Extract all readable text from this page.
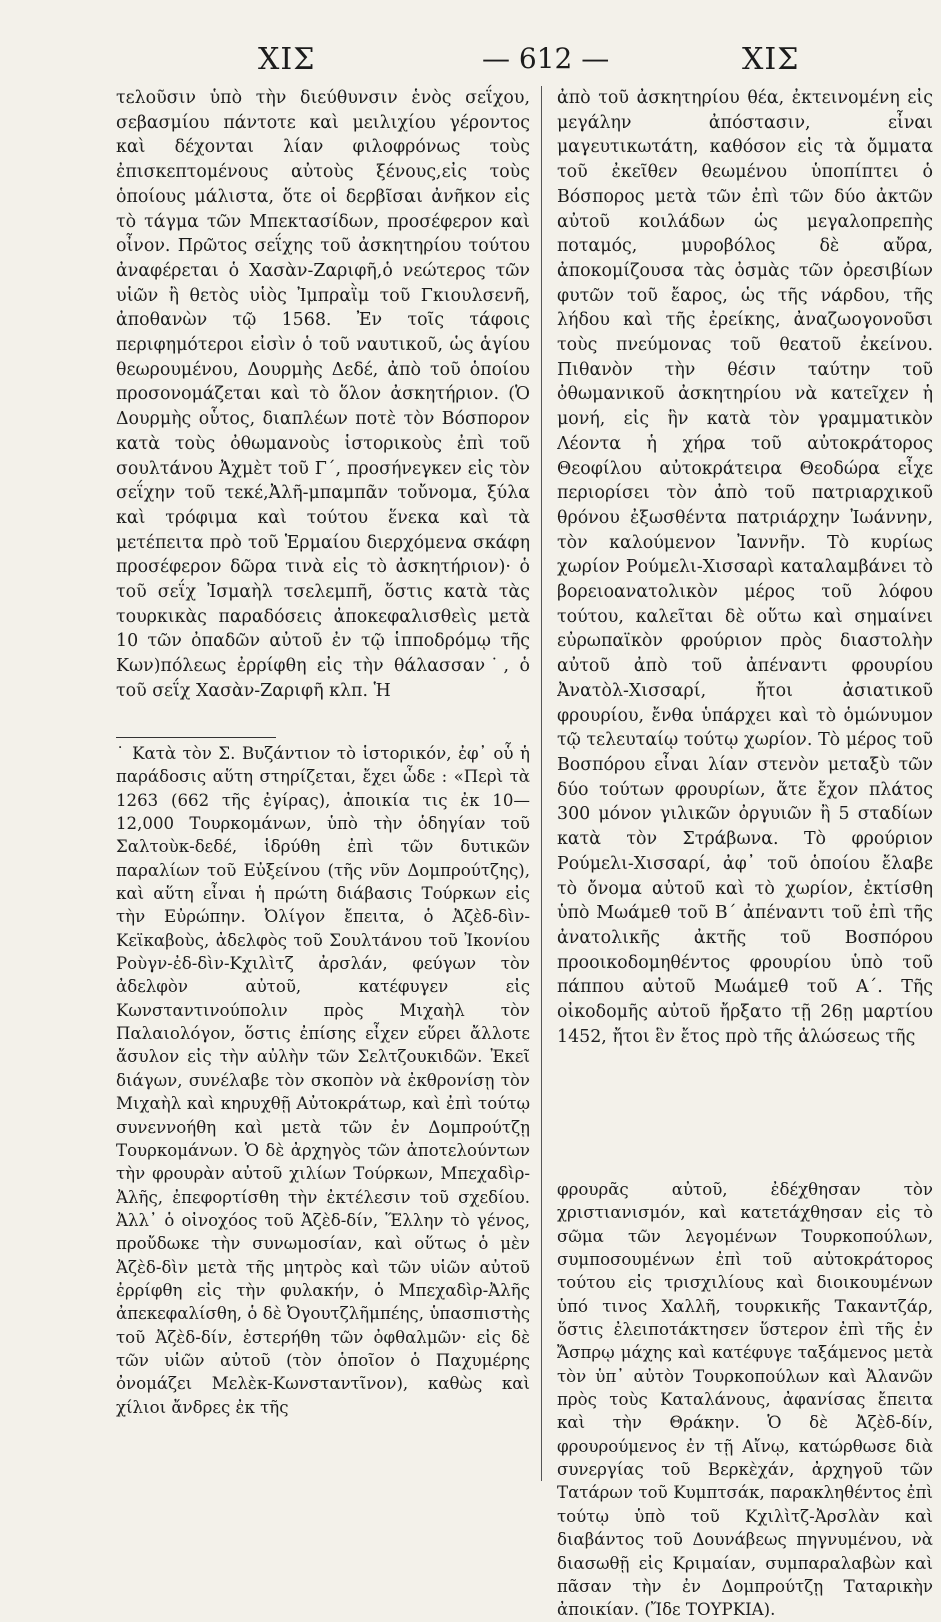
ΧΙΣ	— 612 —	ΧΙΣ

τελοῦσιν ὑπὸ τὴν διεύθυνσιν ἑνὸς σεΐχου, σεβασμίου πάντοτε καὶ μειλιχίου γέροντος καὶ δέχονται λίαν φιλοφρόνως τοὺς ἐπισκεπτομένους αὐτοὺς ξένους,εἰς τοὺς ὁποίους μάλιστα, ὅτε οἱ δερβῖσαι ἀνῆκον εἰς τὸ τάγμα τῶν Μπεκτασίδων, προσέφερον καὶ οἶνον. Πρῶτος σεΐχης τοῦ ἀσκητηρίου τούτου ἀναφέρεται ὁ Χασὰν-Ζαριφῆ,ὁ νεώτερος τῶν υἱῶν ἢ θετὸς υἱὸς Ἰμπραῒμ τοῦ Γκιουλσενῆ, ἀποθανὼν τῷ 1568. Ἐν τοῖς τάφοις περιφημότεροι εἰσὶν ὁ τοῦ ναυτικοῦ, ὡς ἁγίου θεωρουμένου, Δουρμὴς Δεδέ, ἀπὸ τοῦ ὁποίου προσονομάζεται καὶ τὸ ὅλον ἀσκητήριον. (Ὁ Δουρμὴς οὗτος, διαπλέων ποτὲ τὸν Βόσπορον κατὰ τοὺς ὀθωμανοὺς ἱστορικοὺς ἐπὶ τοῦ σουλτάνου Ἀχμὲτ τοῦ Γ΄, προσήνεγκεν εἰς τὸν σεΐχην τοῦ τεκέ,Ἀλῆ-μπαμπᾶν τοὔνομα, ξύλα καὶ τρόφιμα καὶ τούτου ἕνεκα καὶ τὰ μετέπειτα πρὸ τοῦ Ἑρμαίου διερχόμενα σκάφη προσέφερον δῶρα τινὰ εἰς τὸ ἀσκητήριον)· ὁ τοῦ σεΐχ Ἰσμαὴλ τσελεμπῆ, ὅστις κατὰ τὰς τουρκικὰς παραδόσεις ἀποκεφαλισθεὶς μετὰ 10 τῶν ὀπαδῶν αὐτοῦ ἐν τῷ ἱπποδρόμῳ τῆς Κων)πόλεως ἐρρίφθη εἰς τὴν θάλασσαν˙, ὁ τοῦ σεΐχ Χασὰν-Ζαριφῆ κλπ. Ἡ

ἀπὸ τοῦ ἀσκητηρίου θέα, ἐκτεινομένη εἰς μεγάλην ἀπόστασιν, εἶναι μαγευτικωτάτη, καθόσον εἰς τὰ ὄμματα τοῦ ἐκεῖθεν θεωμένου ὑποπίπτει ὁ Βόσπορος μετὰ τῶν ἐπὶ τῶν δύο ἀκτῶν αὐτοῦ κοιλάδων ὡς μεγαλοπρεπὴς ποταμός, μυροβόλος δὲ αὔρα, ἀποκομίζουσα τὰς ὀσμὰς τῶν ὀρεσιβίων φυτῶν τοῦ ἔαρος, ὡς τῆς νάρδου, τῆς λήδου καὶ τῆς ἐρείκης, ἀναζωογονοῦσι τοὺς πνεύμονας τοῦ θεατοῦ ἐκείνου. Πιθανὸν τὴν θέσιν ταύτην τοῦ ὀθωμανικοῦ ἀσκητηρίου νὰ κατεῖχεν ἡ μονή, εἰς ἣν κατὰ τὸν γραμματικὸν Λέοντα ἡ χήρα τοῦ αὐτοκράτορος Θεοφίλου αὐτοκράτειρα Θεοδώρα εἶχε περιορίσει τὸν ἀπὸ τοῦ πατριαρχικοῦ θρόνου ἐξωσθέντα πατριάρχην Ἰωάννην, τὸν καλούμενον Ἰαννῆν. Τὸ κυρίως χωρίον Ρούμελι-Χισσαρὶ καταλαμβάνει τὸ βορειοανατολικὸν μέρος τοῦ λόφου τούτου, καλεῖται δὲ οὕτω καὶ σημαίνει εὐρωπαϊκὸν φρούριον πρὸς διαστολὴν αὐτοῦ ἀπὸ τοῦ ἀπέναντι φρουρίου Ἀνατὸλ-Χισσαρί, ἤτοι ἀσιατικοῦ φρουρίου, ἔνθα ὑπάρχει καὶ τὸ ὁμώνυμον τῷ τελευταίῳ τούτῳ χωρίον. Τὸ μέρος τοῦ Βοσπόρου εἶναι λίαν στενὸν μεταξὺ τῶν δύο τούτων φρουρίων, ἅτε ἔχον πλάτος 300 μόνον γιλικῶν ὀργυιῶν ἢ 5 σταδίων κατὰ τὸν Στράβωνα. Τὸ φρούριον Ρούμελι-Χισσαρί, ἀφ᾽ τοῦ ὁποίου ἔλαβε τὸ ὄνομα αὐτοῦ καὶ τὸ χωρίον, ἐκτίσθη ὑπὸ Μωάμεθ τοῦ Β΄ ἀπέναντι τοῦ ἐπὶ τῆς ἀνατολικῆς ἀκτῆς τοῦ Βοσπόρου προοικοδομηθέντος φρουρίου ὑπὸ τοῦ πάππου αὐτοῦ Μωάμεθ τοῦ Α΄. Τῆς οἰκοδομῆς αὐτοῦ ἤρξατο τῇ 26ῃ μαρτίου 1452, ἤτοι ἓν ἔτος πρὸ τῆς ἁλώσεως τῆς

˙ Κατὰ τὸν Σ. Βυζάντιον τὸ ἱστορικόν, ἐφ᾽ οὗ ἡ παράδοσις αὕτη στηρίζεται, ἔχει ὧδε : «Περὶ τὰ 1263 (662 τῆς ἐγίρας), ἀποικία τις ἐκ 10—12,000 Τουρκομάνων, ὑπὸ τὴν ὁδηγίαν τοῦ Σαλτοὺκ-δεδέ, ἱδρύθη ἐπὶ τῶν δυτικῶν παραλίων τοῦ Εὐξείνου (τῆς νῦν Δομπρούτζης), καὶ αὕτη εἶναι ἡ πρώτη διάβασις Τούρκων εἰς τὴν Εὐρώπην. Ὀλίγον ἔπειτα, ὁ Ἀζὲδ-δὶν-Κεϊκαβοὺς, ἀδελφὸς τοῦ Σουλτάνου τοῦ Ἰκονίου Ροὺγν-ἐδ-δὶν-Κχιλὶτζ ἀρσλάν, φεύγων τὸν ἀδελφὸν αὐτοῦ, κατέφυγεν εἰς Κωνσταντινούπολιν πρὸς Μιχαὴλ τὸν Παλαιολόγον, ὅστις ἐπίσης εἶχεν εὕρει ἄλλοτε ἄσυλον εἰς τὴν αὐλὴν τῶν Σελτζουκιδῶν. Ἐκεῖ διάγων, συνέλαβε τὸν σκοπὸν νὰ ἐκθρονίσῃ τὸν Μιχαὴλ καὶ κηρυχθῇ Αὐτοκράτωρ, καὶ ἐπὶ τούτῳ συνεννοήθη καὶ μετὰ τῶν ἐν Δομπρούτζῃ Τουρκομάνων. Ὁ δὲ ἀρχηγὸς τῶν ἀποτελούντων τὴν φρουρὰν αὐτοῦ χιλίων Τούρκων, Μπεχαδὶρ-Ἀλῆς, ἐπεφορτίσθη τὴν ἐκτέλεσιν τοῦ σχεδίου. Ἀλλ᾽ ὁ οἰνοχόος τοῦ Ἀζὲδ-δίν, Ἕλλην τὸ γένος, προὔδωκε τὴν συνωμοσίαν, καὶ οὕτως ὁ μὲν Ἀζὲδ-δὶν μετὰ τῆς μητρὸς καὶ τῶν υἱῶν αὐτοῦ ἐρρίφθη εἰς τὴν φυλακήν, ὁ Μπεχαδὶρ-Ἀλῆς ἀπεκεφαλίσθη, ὁ δὲ Ὀγουτζλῆμπέης, ὑπασπιστὴς τοῦ Ἀζὲδ-δίν, ἐστερήθη τῶν ὀφθαλμῶν· εἰς δὲ τῶν υἱῶν αὐτοῦ (τὸν ὁποῖον ὁ Παχυμέρης ὀνομάζει Μελὲκ-Κωνσταντῖνον), καθὼς καὶ χίλιοι ἄνδρες ἐκ τῆς

φρουρᾶς αὐτοῦ, ἐδέχθησαν τὸν χριστιανισμόν, καὶ κατετάχθησαν εἰς τὸ σῶμα τῶν λεγομένων Τουρκοπούλων, συμποσουμένων ἐπὶ τοῦ αὐτοκράτορος τούτου εἰς τρισχιλίους καὶ διοικουμένων ὑπό τινος Χαλλῆ, τουρκικῆς Τακαντζάρ, ὅστις ἐλειποτάκτησεν ὕστερον ἐπὶ τῆς ἐν Ἄσπρῳ μάχης καὶ κατέφυγε ταξάμενος μετὰ τὸν ὑπ᾽ αὐτὸν Τουρκοπούλων καὶ Ἀλανῶν πρὸς τοὺς Καταλάνους, ἀφανίσας ἔπειτα καὶ τὴν Θράκην. Ὁ δὲ Ἀζὲδ-δίν, φρουρούμενος ἐν τῇ Αἴνῳ, κατώρθωσε διὰ συνεργίας τοῦ Βερκὲχάν, ἀρχηγοῦ τῶν Τατάρων τοῦ Κυμπτσάκ, παρακληθέντος ἐπὶ τούτῳ ὑπὸ τοῦ Κχιλὶτζ-Ἀρσλὰν καὶ διαβάντος τοῦ Δουνάβεως πηγνυμένου, νὰ διασωθῇ εἰς Κριμαίαν, συμπαραλαβὼν καὶ πᾶσαν τὴν ἐν Δομπρούτζῃ Ταταρικὴν ἀποικίαν. (Ἴδε ΤΟΥΡΚΙΑ).
